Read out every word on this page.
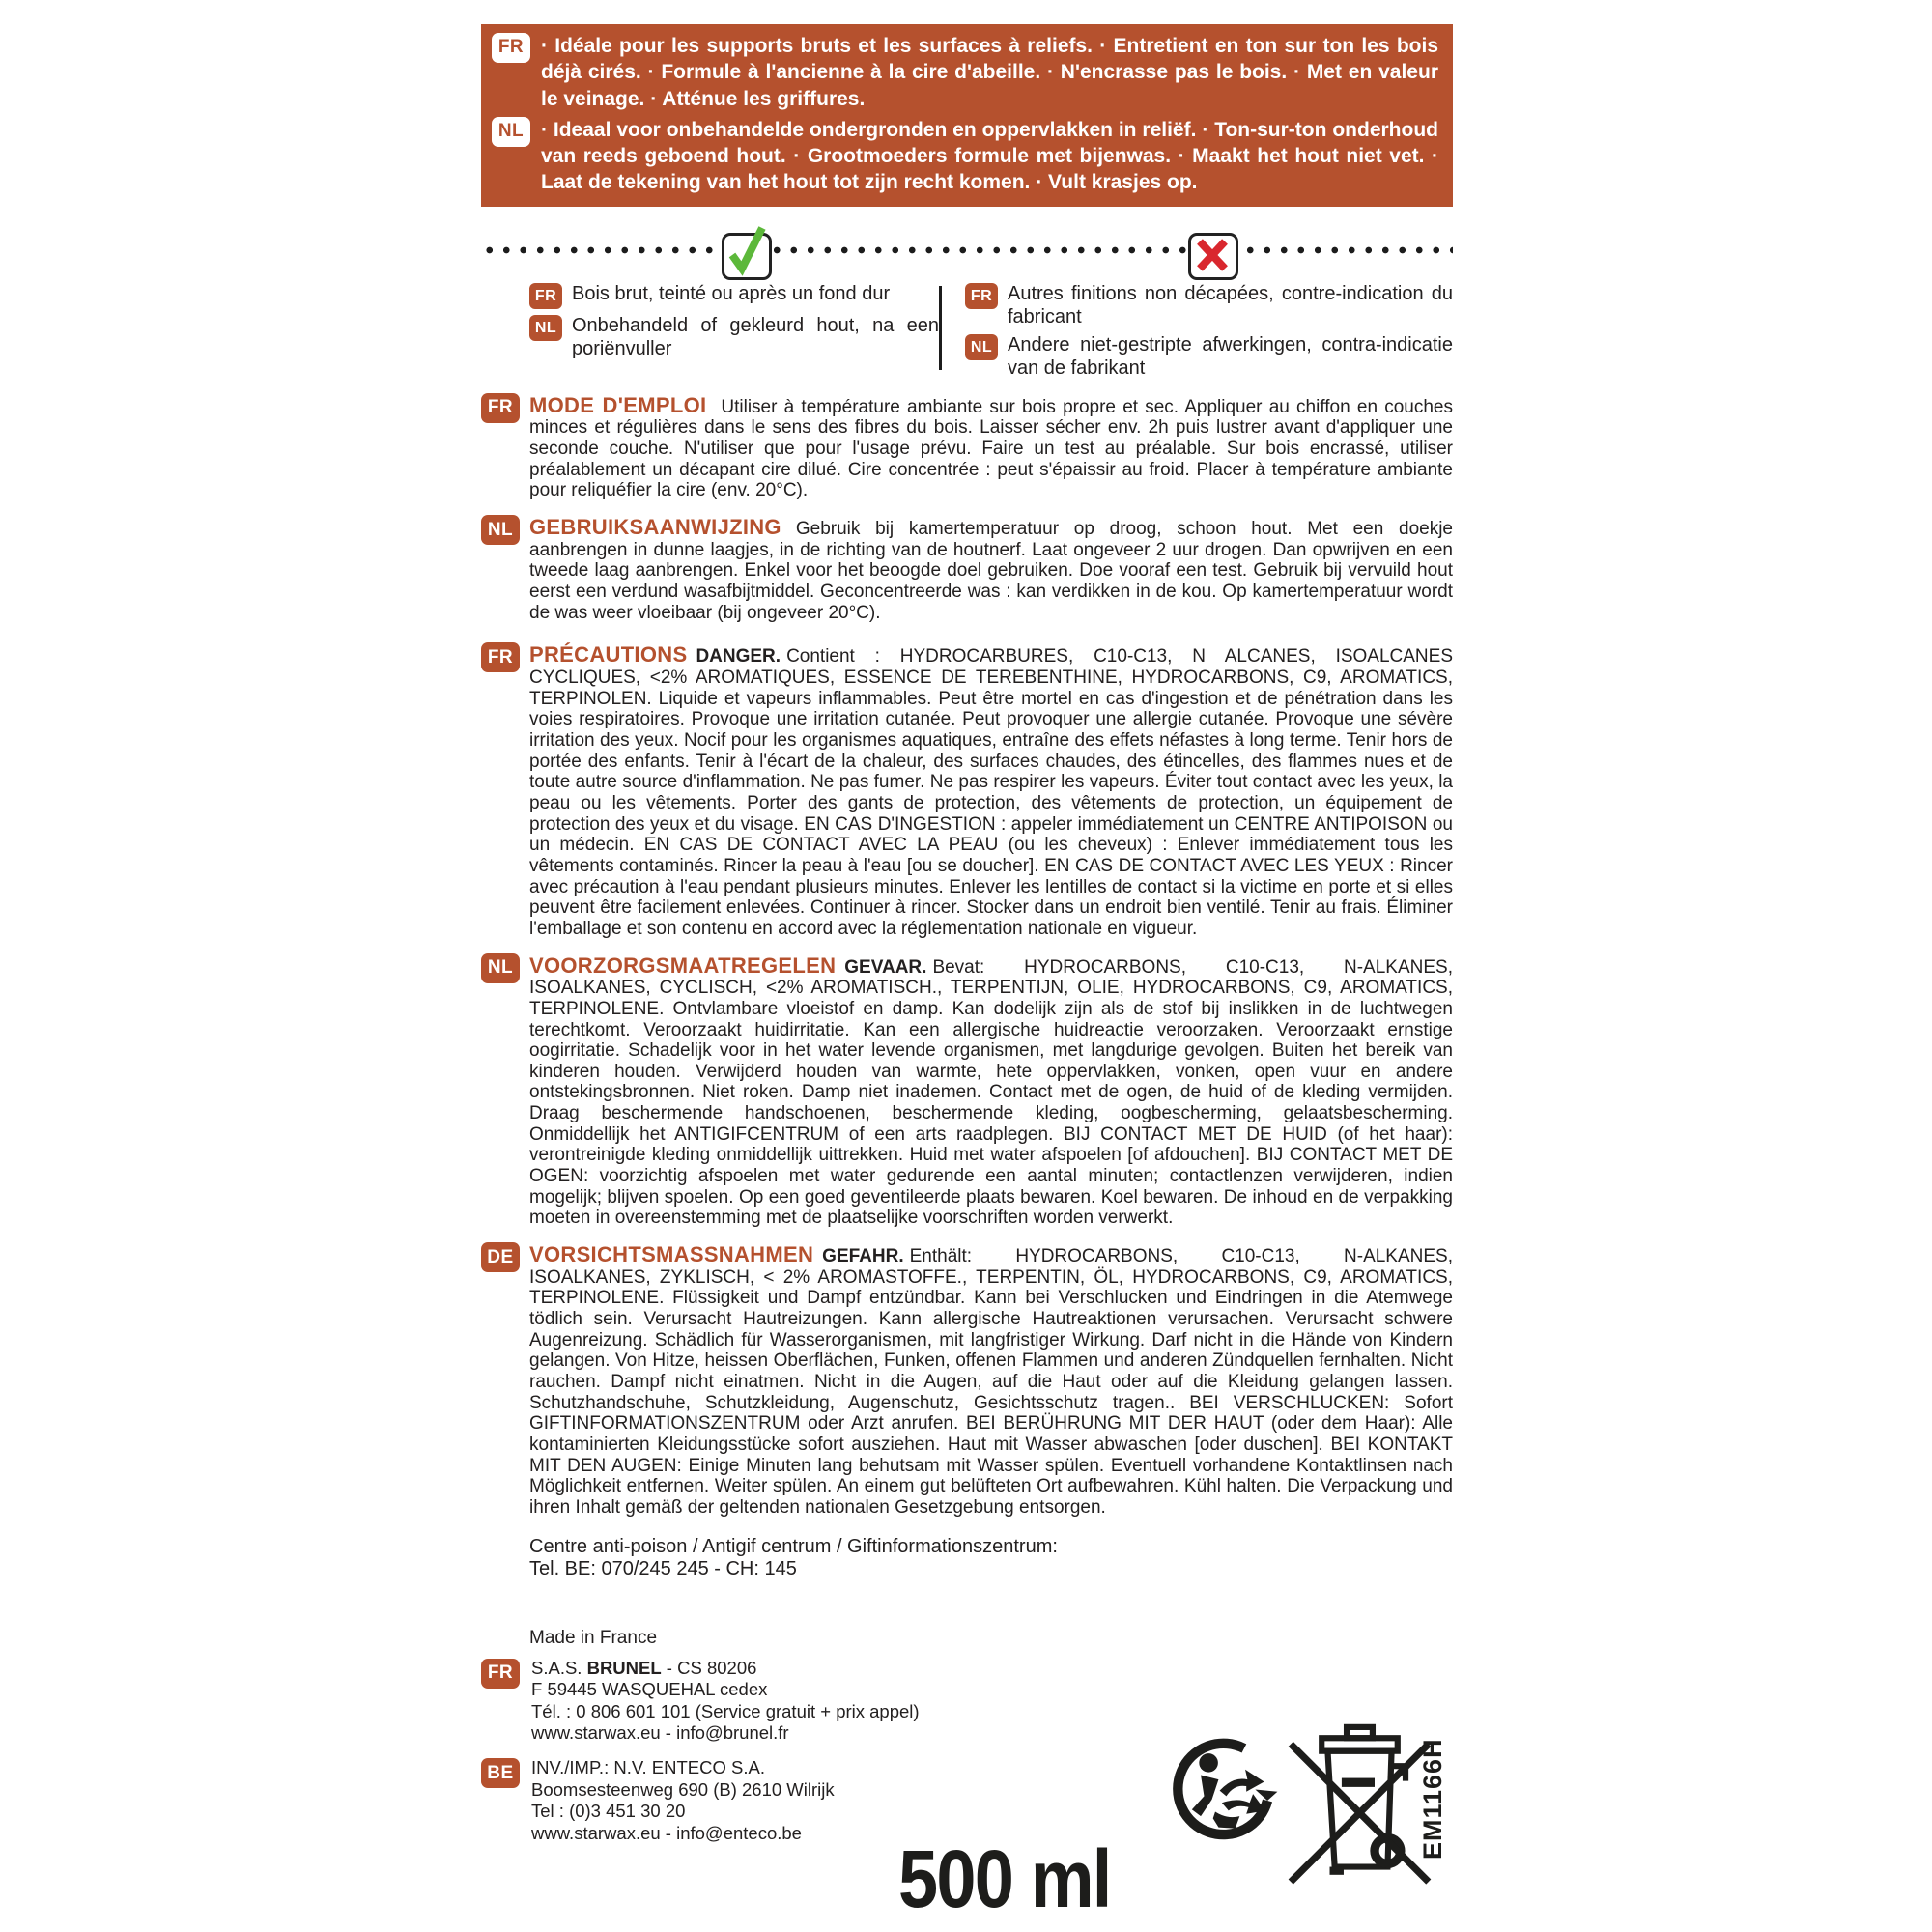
FR · Idéale pour les supports bruts et les surfaces à reliefs. · Entretient en ton sur ton les bois déjà cirés. · Formule à l'ancienne à la cire d'abeille. · N'encrasse pas le bois. · Met en valeur le veinage. · Atténue les griffures.
NL · Ideaal voor onbehandelde ondergronden en oppervlakken in reliëf. · Ton-sur-ton onderhoud van reeds geboend hout. · Grootmoeders formule met bijenwas. · Maakt het hout niet vet. · Laat de tekening van het hout tot zijn recht komen. · Vult krasjes op.
FR Bois brut, teinté ou après un fond dur
NL Onbehandeld of gekleurd hout, na een poriënvuller
FR Autres finitions non décapées, contre-indication du fabricant
NL Andere niet-gestripte afwerkingen, contra-indicatie van de fabrikant
FR MODE D'EMPLOI Utiliser à température ambiante sur bois propre et sec. Appliquer au chiffon en couches minces et régulières dans le sens des fibres du bois. Laisser sécher env. 2h puis lustrer avant d'appliquer une seconde couche. N'utiliser que pour l'usage prévu. Faire un test au préalable. Sur bois encrassé, utiliser préalablement un décapant cire dilué. Cire concentrée : peut s'épaissir au froid. Placer à température ambiante pour reliquéfier la cire (env. 20°C).
NL GEBRUIKSAANWIJZING Gebruik bij kamertemperatuur op droog, schoon hout. Met een doekje aanbrengen in dunne laagjes, in de richting van de houtnerf. Laat ongeveer 2 uur drogen. Dan opwrijven en een tweede laag aanbrengen. Enkel voor het beoogde doel gebruiken. Doe vooraf een test. Gebruik bij vervuild hout eerst een verdund wasafbijtmiddel. Geconcentreerde was : kan verdikken in de kou. Op kamertemperatuur wordt de was weer vloeibaar (bij ongeveer 20°C).
FR PRÉCAUTIONS DANGER. Contient : HYDROCARBURES, C10-C13, N ALCANES, ISOALCANES CYCLIQUES, <2% AROMATIQUES, ESSENCE DE TEREBENTHINE, HYDROCARBONS, C9, AROMATICS, TERPINOLEN. Liquide et vapeurs inflammables. Peut être mortel en cas d'ingestion et de pénétration dans les voies respiratoires. Provoque une irritation cutanée. Peut provoquer une allergie cutanée. Provoque une sévère irritation des yeux. Nocif pour les organismes aquatiques, entraîne des effets néfastes à long terme. Tenir hors de portée des enfants. Tenir à l'écart de la chaleur, des surfaces chaudes, des étincelles, des flammes nues et de toute autre source d'inflammation. Ne pas fumer. Ne pas respirer les vapeurs. Éviter tout contact avec les yeux, la peau ou les vêtements. Porter des gants de protection, des vêtements de protection, un équipement de protection des yeux et du visage. EN CAS D'INGESTION : appeler immédiatement un CENTRE ANTIPOISON ou un médecin. EN CAS DE CONTACT AVEC LA PEAU (ou les cheveux) : Enlever immédiatement tous les vêtements contaminés. Rincer la peau à l'eau [ou se doucher]. EN CAS DE CONTACT AVEC LES YEUX : Rincer avec précaution à l'eau pendant plusieurs minutes. Enlever les lentilles de contact si la victime en porte et si elles peuvent être facilement enlevées. Continuer à rincer. Stocker dans un endroit bien ventilé. Tenir au frais. Éliminer l'emballage et son contenu en accord avec la réglementation nationale en vigueur.
NL VOORZORGSMAATREGELEN GEVAAR. Bevat: HYDROCARBONS, C10-C13, N-ALKANES, ISOALKANES, CYCLISCH, <2% AROMATISCH., TERPENTIJN, OLIE, HYDROCARBONS, C9, AROMATICS, TERPINOLENE. Ontvlambare vloeistof en damp. Kan dodelijk zijn als de stof bij inslikken in de luchtwegen terechtkomt. Veroorzaakt huidirritatie. Kan een allergische huidreactie veroorzaken. Veroorzaakt ernstige oogirritatie. Schadelijk voor in het water levende organismen, met langdurige gevolgen. Buiten het bereik van kinderen houden. Verwijderd houden van warmte, hete oppervlakken, vonken, open vuur en andere ontstekingsbronnen. Niet roken. Damp niet inademen. Contact met de ogen, de huid of de kleding vermijden. Draag beschermende handschoenen, beschermende kleding, oogbescherming, gelaatsbescherming. Onmiddellijk het ANTIGIFCENTRUM of een arts raadplegen. BIJ CONTACT MET DE HUID (of het haar): verontreinigde kleding onmiddellijk uittrekken. Huid met water afspoelen [of afdouchen]. BIJ CONTACT MET DE OGEN: voorzichtig afspoelen met water gedurende een aantal minuten; contactlenzen verwijderen, indien mogelijk; blijven spoelen. Op een goed geventileerde plaats bewaren. Koel bewaren. De inhoud en de verpakking moeten in overeenstemming met de plaatselijke voorschriften worden verwerkt.
DE VORSICHTSMASSNAHMEN GEFAHR. Enthält: HYDROCARBONS, C10-C13, N-ALKANES, ISOALKANES, ZYKLISCH, < 2% AROMASTOFFE., TERPENTIN, ÖL, HYDROCARBONS, C9, AROMATICS, TERPINOLENE. Flüssigkeit und Dampf entzündbar. Kann bei Verschlucken und Eindringen in die Atemwege tödlich sein. Verursacht Hautreizungen. Kann allergische Hautreaktionen verursachen. Verursacht schwere Augenreizung. Schädlich für Wasserorganismen, mit langfristiger Wirkung. Darf nicht in die Hände von Kindern gelangen. Von Hitze, heissen Oberflächen, Funken, offenen Flammen und anderen Zündquellen fernhalten. Nicht rauchen. Dampf nicht einatmen. Nicht in die Augen, auf die Haut oder auf die Kleidung gelangen lassen. Schutzhandschuhe, Schutzkleidung, Augenschutz, Gesichtsschutz tragen.. BEI VERSCHLUCKEN: Sofort GIFTINFORMATIONSZENTRUM oder Arzt anrufen. BEI BERÜHRUNG MIT DER HAUT (oder dem Haar): Alle kontaminierten Kleidungsstücke sofort ausziehen. Haut mit Wasser abwaschen [oder duschen]. BEI KONTAKT MIT DEN AUGEN: Einige Minuten lang behutsam mit Wasser spülen. Eventuell vorhandene Kontaktlinsen nach Möglichkeit entfernen. Weiter spülen. An einem gut belüfteten Ort aufbewahren. Kühl halten. Die Verpackung und ihren Inhalt gemäß der geltenden nationalen Gesetzgebung entsorgen.
Centre anti-poison / Antigif centrum / Giftinformationszentrum:
Tel. BE: 070/245 245 - CH: 145
Made in France
FR	S.A.S. BRUNEL - CS 80206
F 59445 WASQUEHAL cedex
Tél. : 0 806 601 101 (Service gratuit + prix appel)
www.starwax.eu - info@brunel.fr
BE INV./IMP.: N.V. ENTECO S.A.
Boomsesteenweg 690 (B) 2610 Wilrijk
Tel : (0)3 451 30 20
www.starwax.eu - info@enteco.be
500 ml
EM1166H
